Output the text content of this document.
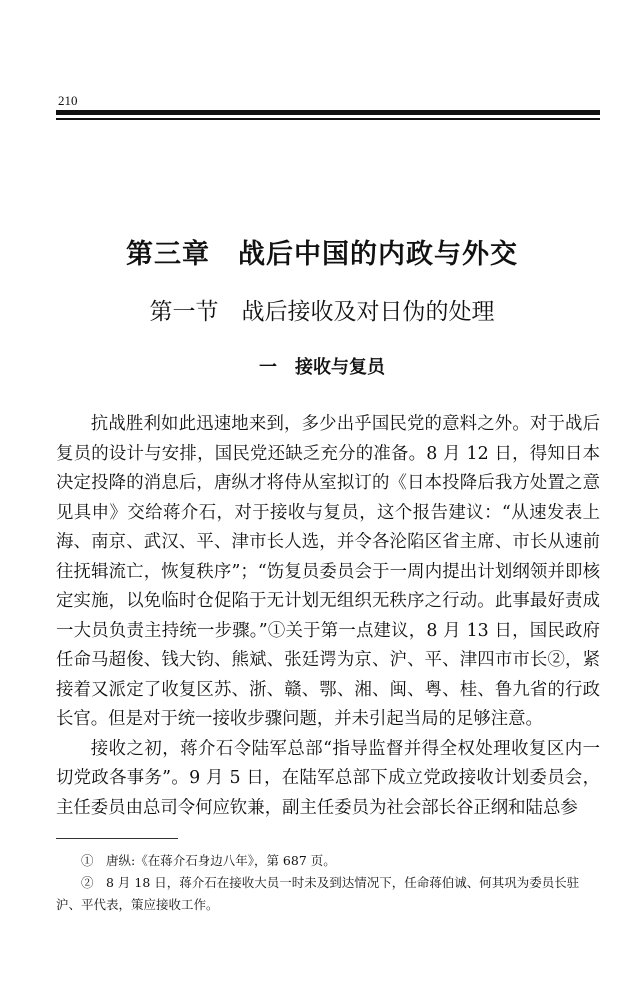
210
第三章　战后中国的内政与外交
第一节　战后接收及对日伪的处理
一　接收与复员

抗战胜利如此迅速地来到，多少出乎国民党的意料之外。对于战后复员的设计与安排，国民党还缺乏充分的准备。8 月 12 日，得知日本决定投降的消息后，唐纵才将侍从室拟订的《日本投降后我方处置之意见具申》交给蒋介石，对于接收与复员，这个报告建议：“从速发表上海、南京、武汉、平、津市长人选，并令各沦陷区省主席、市长从速前往抚辑流亡，恢复秩序”；“饬复员委员会于一周内提出计划纲领并即核定实施，以免临时仓促陷于无计划无组织无秩序之行动。此事最好责成一大员负责主持统一步骤。”①关于第一点建议，8 月 13 日，国民政府任命马超俊、钱大钧、熊斌、张廷谔为京、沪、平、津四市市长②，紧接着又派定了收复区苏、浙、赣、鄂、湘、闽、粤、桂、鲁九省的行政长官。但是对于统一接收步骤问题，并未引起当局的足够注意。

接收之初，蒋介石令陆军总部“指导监督并得全权处理收复区内一切党政各事务”。9 月 5 日，在陆军总部下成立党政接收计划委员会，主任委员由总司令何应钦兼，副主任委员为社会部长谷正纲和陆总参

①　唐纵:《在蒋介石身边八年》，第 687 页。

②　8 月 18 日，蒋介石在接收大员一时未及到达情况下，任命蒋伯诚、何其巩为委员长驻沪、平代表，策应接收工作。
